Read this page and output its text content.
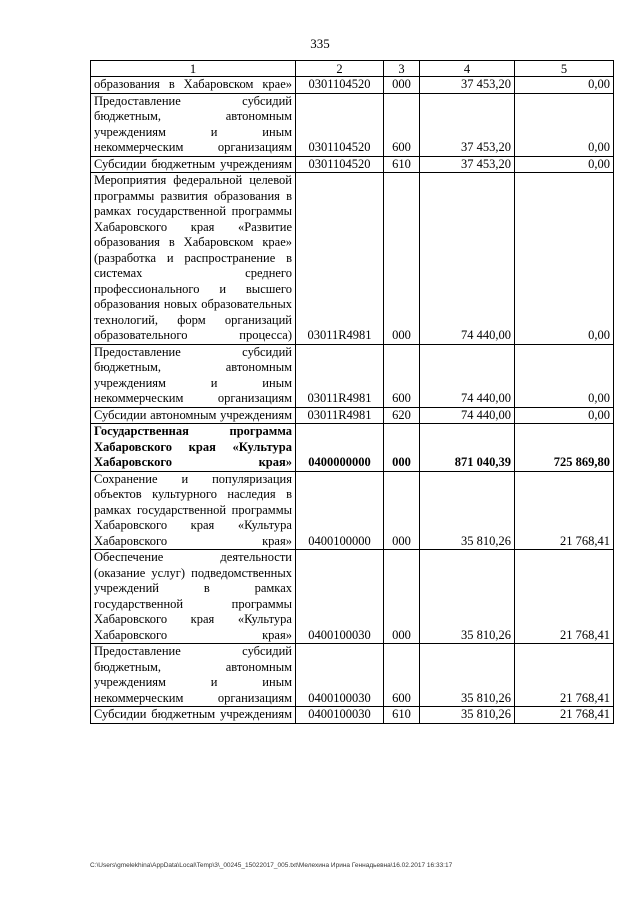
335
1	2	3	4	5
образования в Хабаровском крае»	0301104520	000	37 453,20	0,00
Предоставление субсидий бюджетным, автономным учреждениям и иным некоммерческим организациям	0301104520	600	37 453,20	0,00
Субсидии бюджетным учреждениям	0301104520	610	37 453,20	0,00
Мероприятия федеральной целевой программы развития образования в рамках государственной программы Хабаровского края «Развитие образования в Хабаровском крае» (разработка и распространение в системах среднего профессионального и высшего образования новых образовательных технологий, форм организаций образовательного процесса)	03011R4981	000	74 440,00	0,00
Предоставление субсидий бюджетным, автономным учреждениям и иным некоммерческим организациям	03011R4981	600	74 440,00	0,00
Субсидии автономным учреждениям	03011R4981	620	74 440,00	0,00
Государственная программа Хабаровского края «Культура Хабаровского края»	0400000000	000	871 040,39	725 869,80
Сохранение и популяризация объектов культурного наследия в рамках государственной программы Хабаровского края «Культура Хабаровского края»	0400100000	000	35 810,26	21 768,41
Обеспечение деятельности (оказание услуг) подведомственных учреждений в рамках государственной программы Хабаровского края «Культура Хабаровского края»	0400100030	000	35 810,26	21 768,41
Предоставление субсидий бюджетным, автономным учреждениям и иным некоммерческим организациям	0400100030	600	35 810,26	21 768,41
Субсидии бюджетным учреждениям	0400100030	610	35 810,26	21 768,41
C:\Users\gmelekhina\AppData\Local\Temp\3\_00245_15022017_005.txt\Мелехина Ирина Геннадьевна\16.02.2017 16:33:17
